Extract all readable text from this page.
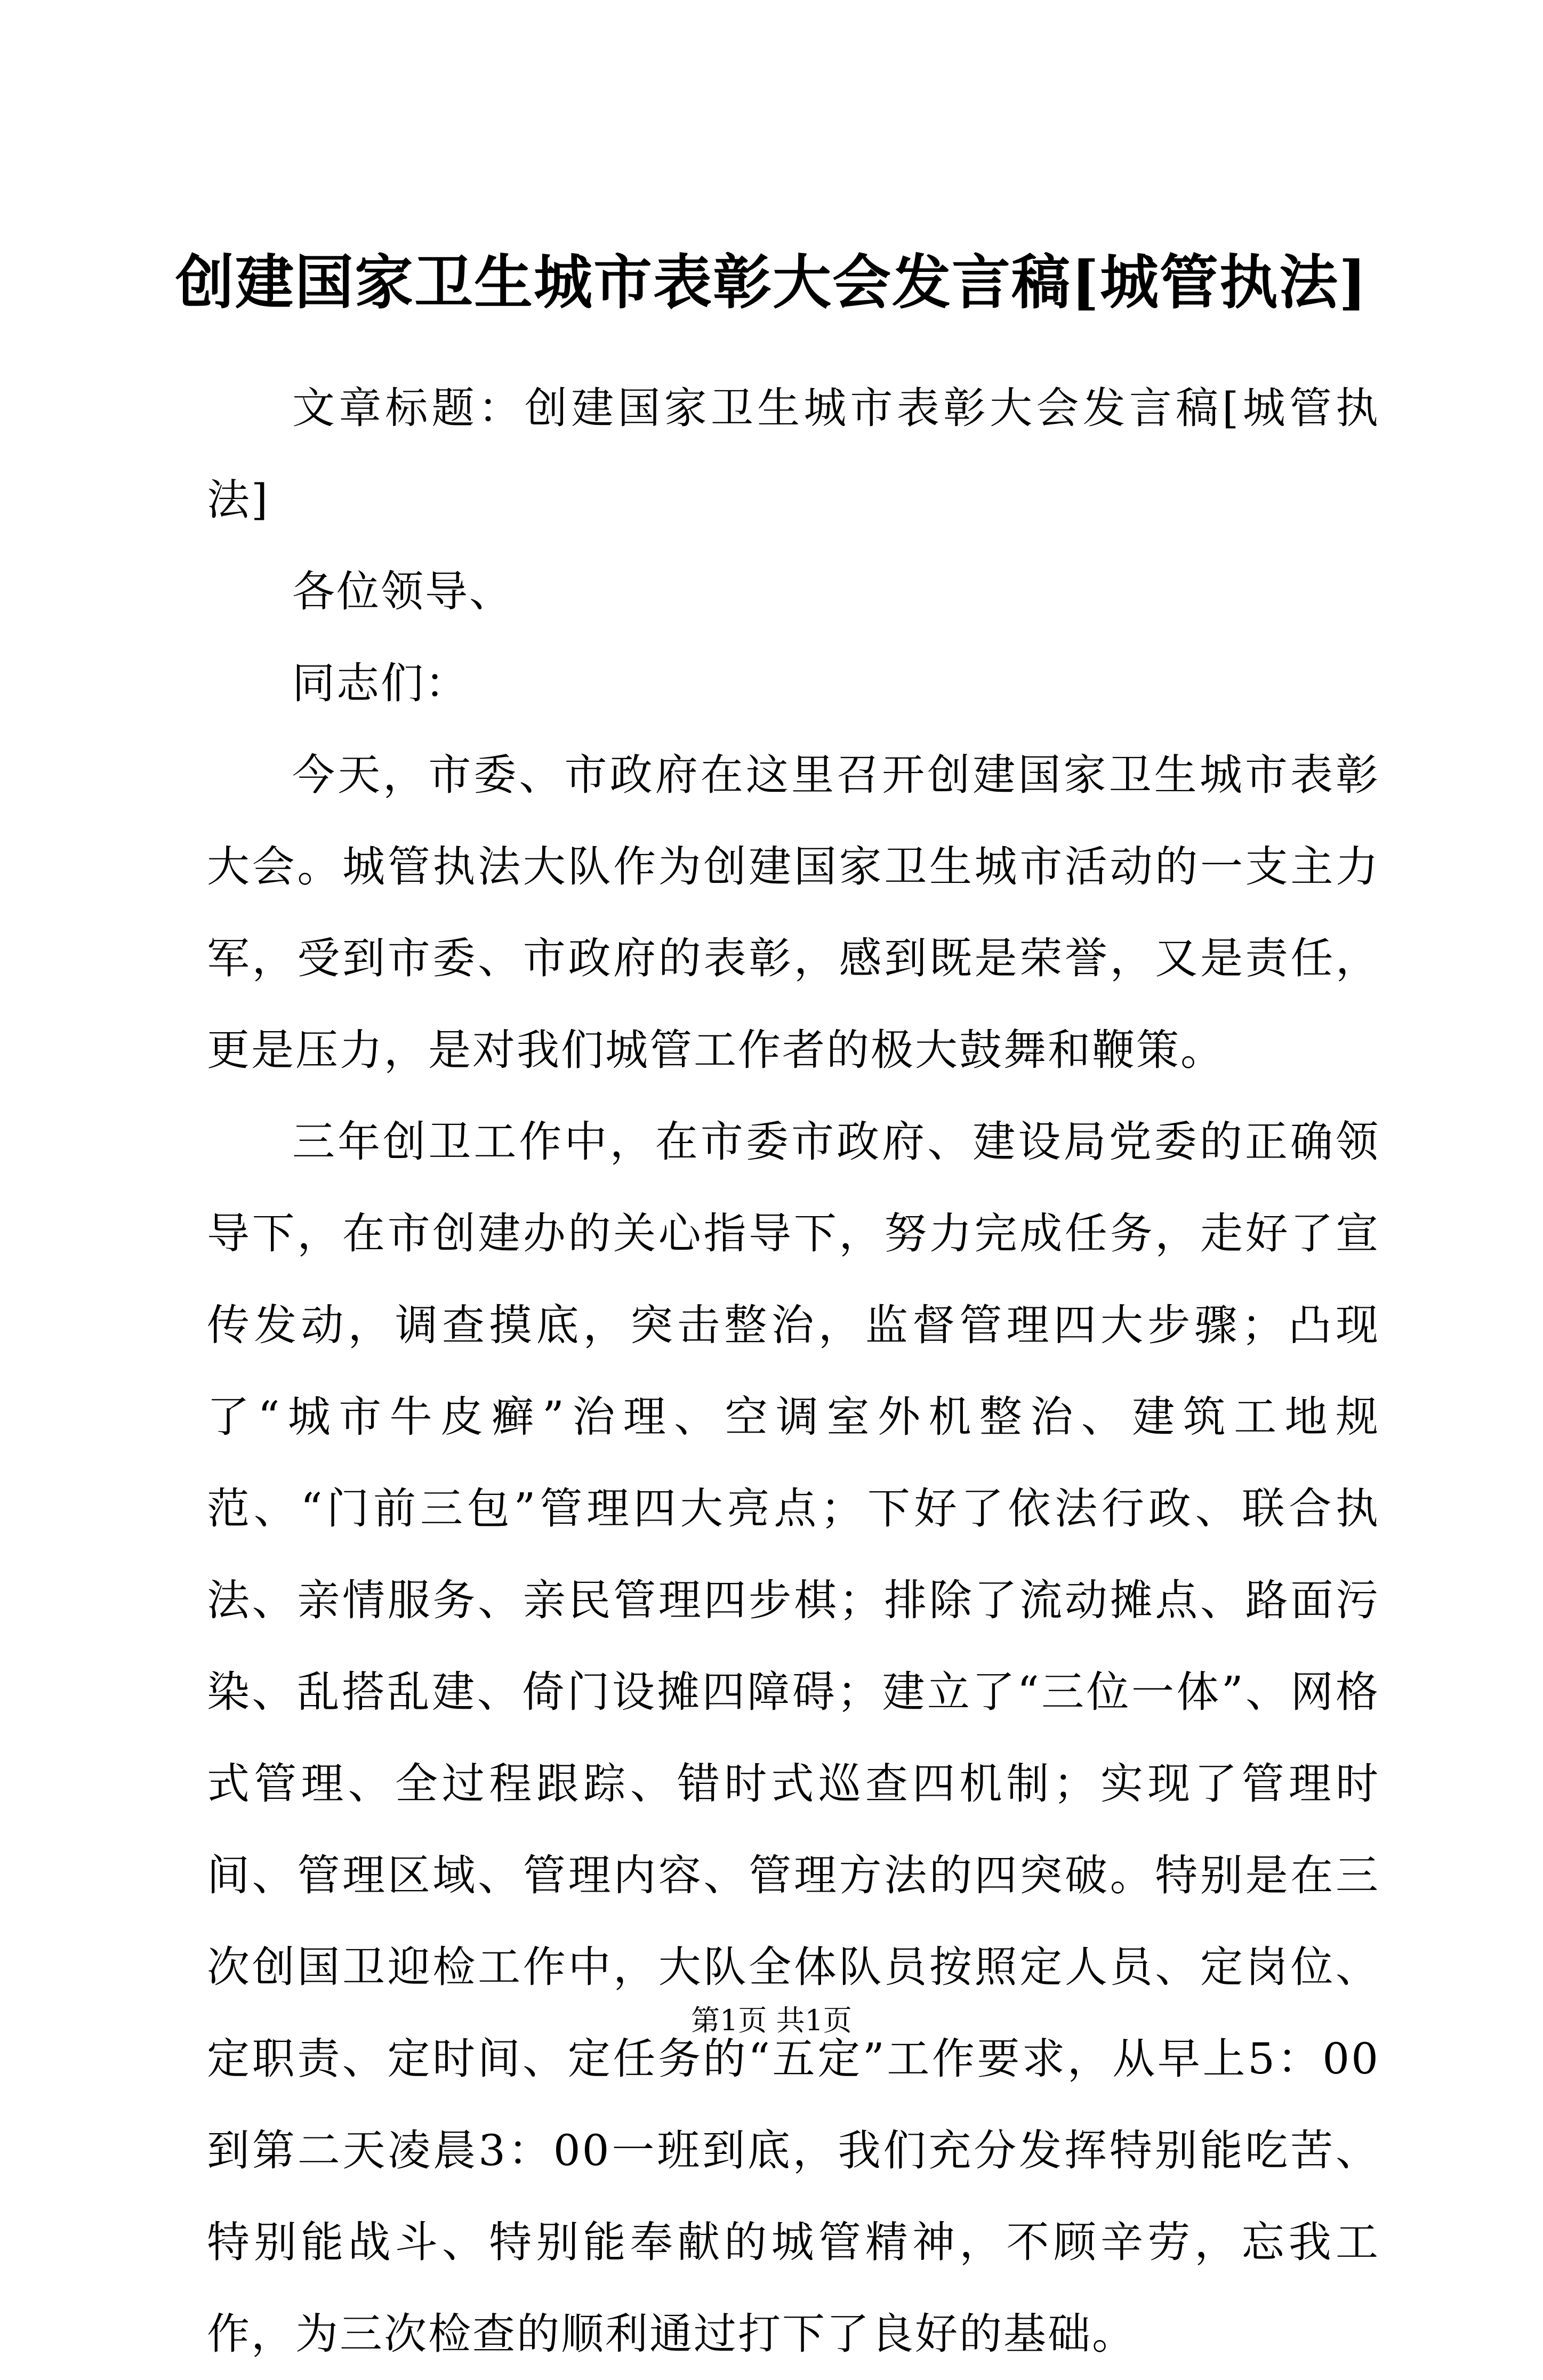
创建国家卫生城市表彰大会发言稿[城管执法]

文章标题：创建国家卫生城市表彰大会发言稿[城管执法]

各位领导、

同志们：

今天，市委、市政府在这里召开创建国家卫生城市表彰大会。城管执法大队作为创建国家卫生城市活动的一支主力军，受到市委、市政府的表彰，感到既是荣誉，又是责任，更是压力，是对我们城管工作者的极大鼓舞和鞭策。

三年创卫工作中，在市委市政府、建设局党委的正确领导下，在市创建办的关心指导下，努力完成任务，走好了宣传发动，调查摸底，突击整治，监督管理四大步骤；凸现了“城市牛皮癣”治理、空调室外机整治、建筑工地规范、“门前三包”管理四大亮点；下好了依法行政、联合执法、亲情服务、亲民管理四步棋；排除了流动摊点、路面污染、乱搭乱建、倚门设摊四障碍；建立了“三位一体”、网格式管理、全过程跟踪、错时式巡查四机制；实现了管理时间、管理区域、管理内容、管理方法的四突破。特别是在三次创国卫迎检工作中，大队全体队员按照定人员、定岗位、定职责、定时间、定任务的“五定”工作要求，从早上5：00到第二天凌晨3：00一班到底，我们充分发挥特别能吃苦、特别能战斗、特别能奉献的城管精神，不顾辛劳，忘我工作，为三次检查的顺利通过打下了良好的基础。

第1页 共1页
